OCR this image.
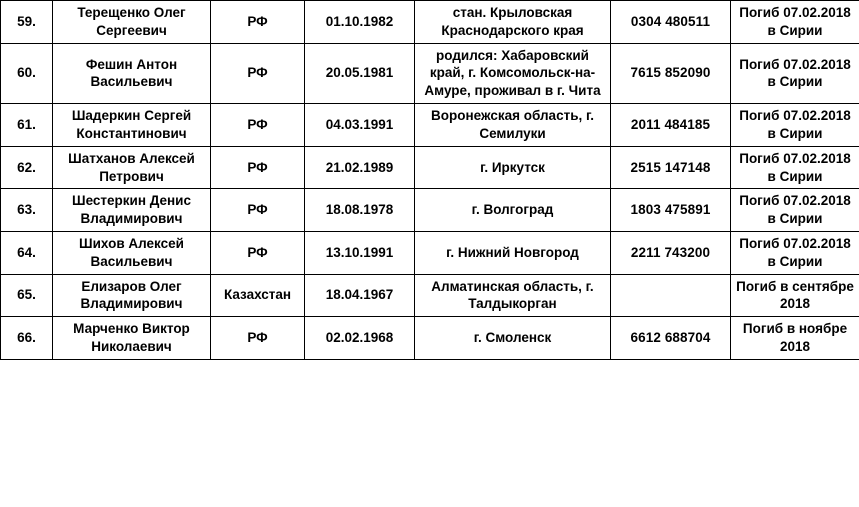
59.	Терещенко Олег Сергеевич	РФ	01.10.1982	стан. Крыловская Краснодарского края	0304 480511	Погиб 07.02.2018 в Сирии
60.	Фешин Антон Васильевич	РФ	20.05.1981	родился: Хабаровский край, г. Комсомольск-на-Амуре, проживал в г. Чита	7615 852090	Погиб 07.02.2018 в Сирии
61.	Шадеркин Сергей Константинович	РФ	04.03.1991	Воронежская область, г. Семилуки	2011 484185	Погиб 07.02.2018 в Сирии
62.	Шатханов Алексей Петрович	РФ	21.02.1989	г. Иркутск	2515 147148	Погиб 07.02.2018 в Сирии
63.	Шестеркин Денис Владимирович	РФ	18.08.1978	г. Волгоград	1803 475891	Погиб 07.02.2018 в Сирии
64.	Шихов Алексей Васильевич	РФ	13.10.1991	г. Нижний Новгород	2211 743200	Погиб 07.02.2018 в Сирии
65.	Елизаров Олег Владимирович	Казахстан	18.04.1967	Алматинская область, г. Талдыкорган		Погиб в сентябре 2018
66.	Марченко Виктор Николаевич	РФ	02.02.1968	г. Смоленск	6612 688704	Погиб в ноябре 2018
